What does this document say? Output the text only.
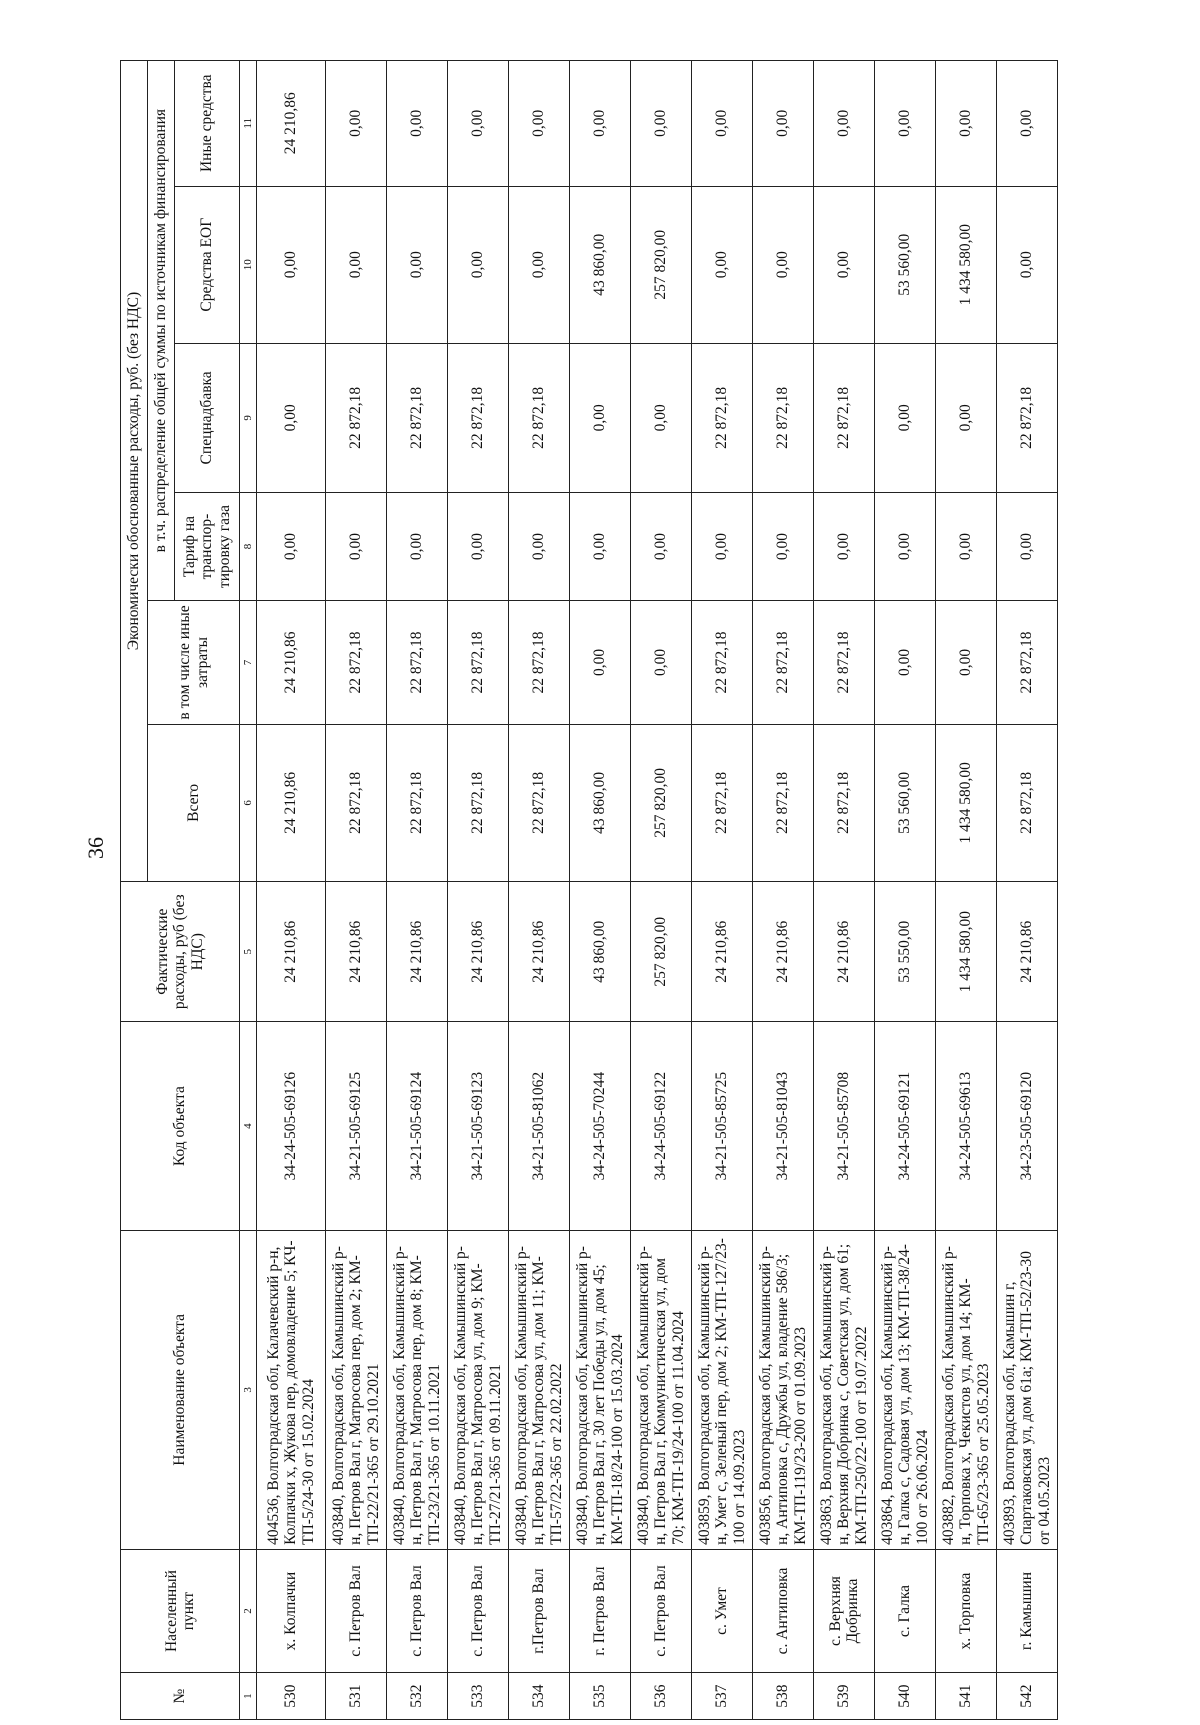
36
№	Населенный пункт	Наименование объекта	Код объекта	Фактические расходы, руб (без НДС)	Экономически обоснованные расходы, руб. (без НДС)					
					Всего	в том числе иные затраты	в т.ч. распределение общей суммы по источникам финансирования			
							Тариф на транспор-тировку газа	Спецнадбавка	Средства ЕОГ	Иные средства
1	2	3	4	5	6	7	8	9	10	11
530	х. Колпачки	404536, Волгоградская обл, Калачевский р-н, Колпачки х, Жукова пер, домовладение 5; КЧ-ТП-5/24-30 от 15.02.2024	34-24-505-69126	24 210,86	24 210,86	24 210,86	0,00	0,00	0,00	24 210,86
531	с. Петров Вал	403840, Волгоградская обл, Камышинский р-н, Петров Вал г, Матросова пер, дом 2; КМ-ТП-22/21-365 от 29.10.2021	34-21-505-69125	24 210,86	22 872,18	22 872,18	0,00	22 872,18	0,00	0,00
532	с. Петров Вал	403840, Волгоградская обл, Камышинский р-н, Петров Вал г, Матросова пер, дом 8; КМ-ТП-23/21-365 от 10.11.2021	34-21-505-69124	24 210,86	22 872,18	22 872,18	0,00	22 872,18	0,00	0,00
533	с. Петров Вал	403840, Волгоградская обл, Камышинский р-н, Петров Вал г, Матросова ул, дом 9; КМ-ТП-27/21-365 от 09.11.2021	34-21-505-69123	24 210,86	22 872,18	22 872,18	0,00	22 872,18	0,00	0,00
534	г.Петров Вал	403840, Волгоградская обл, Камышинский р-н, Петров Вал г, Матросова ул, дом 11; КМ-ТП-57/22-365 от 22.02.2022	34-21-505-81062	24 210,86	22 872,18	22 872,18	0,00	22 872,18	0,00	0,00
535	г. Петров Вал	403840, Волгоградская обл, Камышинский р-н, Петров Вал г, 30 лет Победы ул, дом 45; КМ-ТП-18/24-100 от 15.03.2024	34-24-505-70244	43 860,00	43 860,00	0,00	0,00	0,00	43 860,00	0,00
536	с. Петров Вал	403840, Волгоградская обл, Камышинский р-н, Петров Вал г, Коммунистическая ул, дом 70; КМ-ТП-19/24-100 от 11.04.2024	34-24-505-69122	257 820,00	257 820,00	0,00	0,00	0,00	257 820,00	0,00
537	с. Умет	403859, Волгоградская обл, Камышинский р-н, Умет с, Зеленый пер, дом 2; КМ-ТП-127/23-100 от 14.09.2023	34-21-505-85725	24 210,86	22 872,18	22 872,18	0,00	22 872,18	0,00	0,00
538	с. Антиповка	403856, Волгоградская обл, Камышинский р-н, Антиповка с, Дружбы ул, владение 586/3; КМ-ТП-119/23-200 от 01.09.2023	34-21-505-81043	24 210,86	22 872,18	22 872,18	0,00	22 872,18	0,00	0,00
539	с. Верхняя Добринка	403863, Волгоградская обл, Камышинский р-н, Верхняя Добринка с, Советская ул, дом 61; КМ-ТП-250/22-100 от 19.07.2022	34-21-505-85708	24 210,86	22 872,18	22 872,18	0,00	22 872,18	0,00	0,00
540	с. Галка	403864, Волгоградская обл, Камышинский р-н, Галка с, Садовая ул, дом 13; КМ-ТП-38/24-100 от 26.06.2024	34-24-505-69121	53 550,00	53 560,00	0,00	0,00	0,00	53 560,00	0,00
541	х. Торповка	403882, Волгоградская обл, Камышинский р-н, Торповка х, Чекистов ул, дом 14; КМ-ТП-65/23-365 от 25.05.2023	34-24-505-69613	1 434 580,00	1 434 580,00	0,00	0,00	0,00	1 434 580,00	0,00
542	г. Камышин	403893, Волгоградская обл, Камышин г, Спартаковская ул, дом 61а; КМ-ТП-52/23-30 от 04.05.2023	34-23-505-69120	24 210,86	22 872,18	22 872,18	0,00	22 872,18	0,00	0,00
